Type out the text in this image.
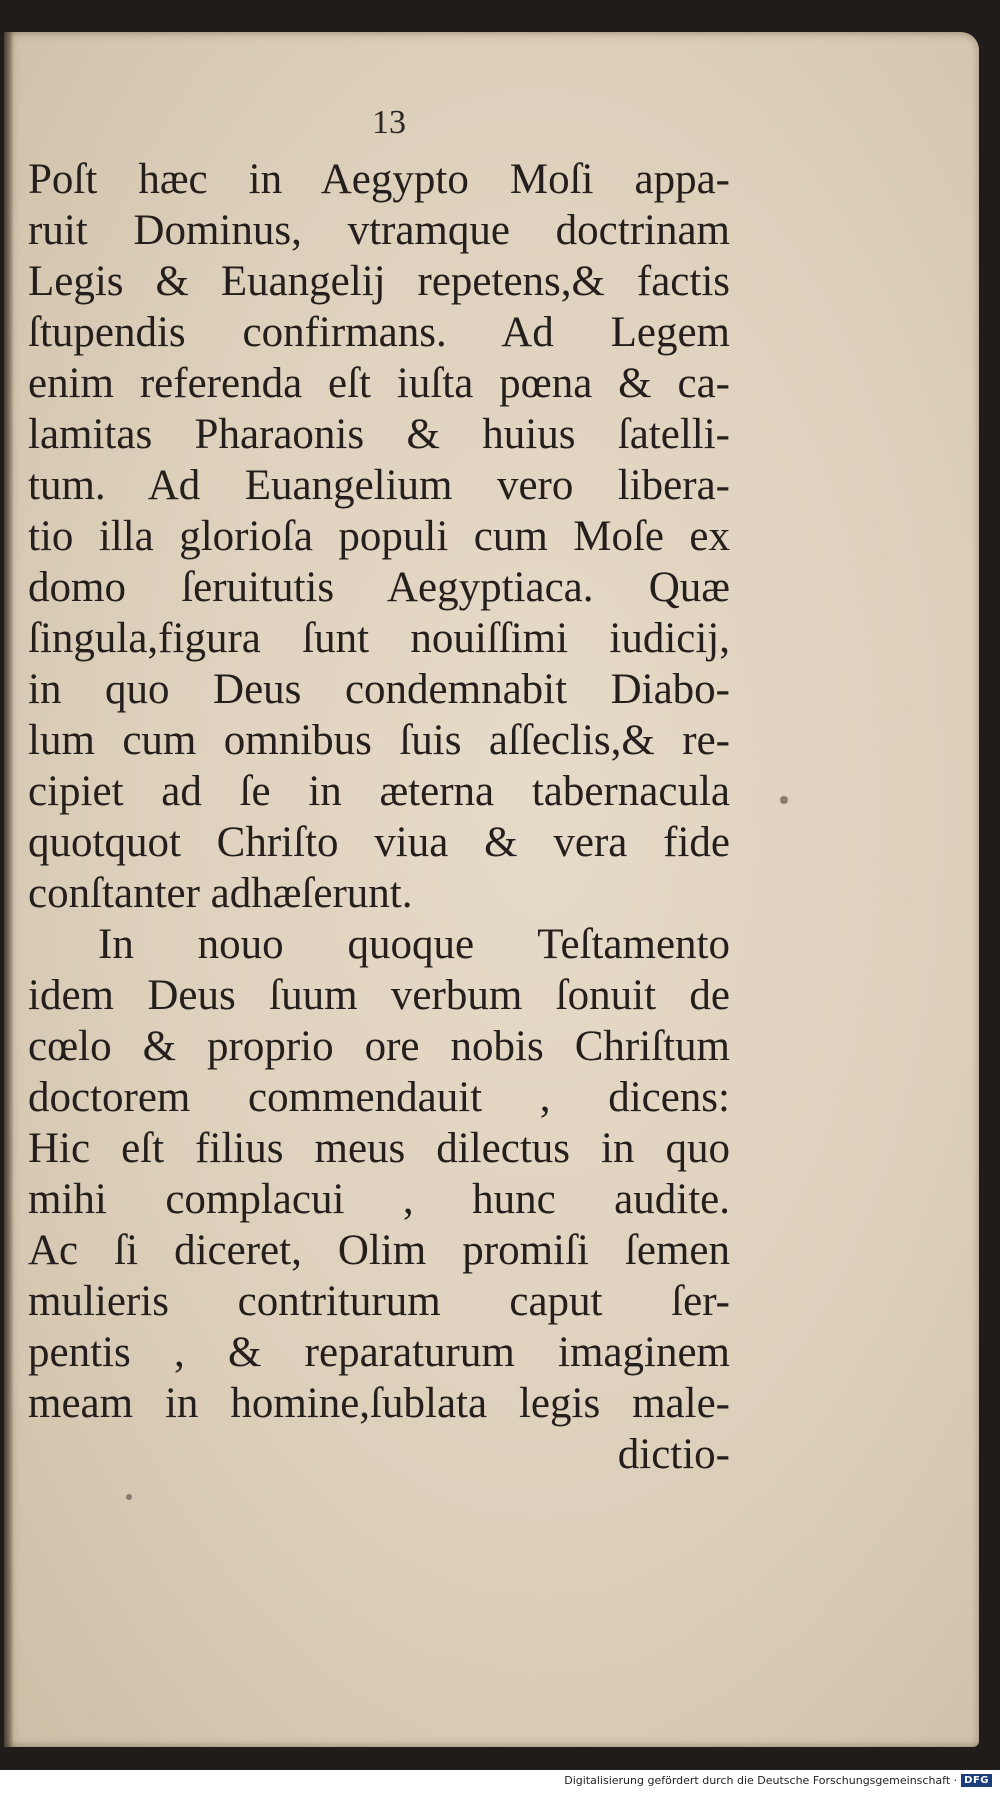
13
Poſt hæc in Aegypto Moſi appa-
ruit Dominus, vtramque doctrinam
Legis & Euangelij repetens,& factis
ſtupendis confirmans. Ad Legem
enim referenda eſt iuſta pœna & ca-
lamitas Pharaonis & huius ſatelli-
tum. Ad Euangelium vero libera-
tio illa glorioſa populi cum Moſe ex
domo ſeruitutis Aegyptiaca. Quæ
ſingula,figura ſunt nouiſſimi iudicij,
in quo Deus condemnabit Diabo-
lum cum omnibus ſuis aſſeclis,& re-
cipiet ad ſe in æterna tabernacula
quotquot Chriſto viua & vera fide
conſtanter adhæſerunt.
In nouo quoque Teſtamento
idem Deus ſuum verbum ſonuit de
cœlo & proprio ore nobis Chriſtum
doctorem commendauit , dicens:
Hic eſt filius meus dilectus in quo
mihi complacui , hunc audite.
Ac ſi diceret, Olim promiſi ſemen
mulieris contriturum caput ſer-
pentis , & reparaturum imaginem
meam in homine,ſublata legis male-
dictio-
Digitalisierung gefördert durch die Deutsche Forschungsgemeinschaft · DFG
